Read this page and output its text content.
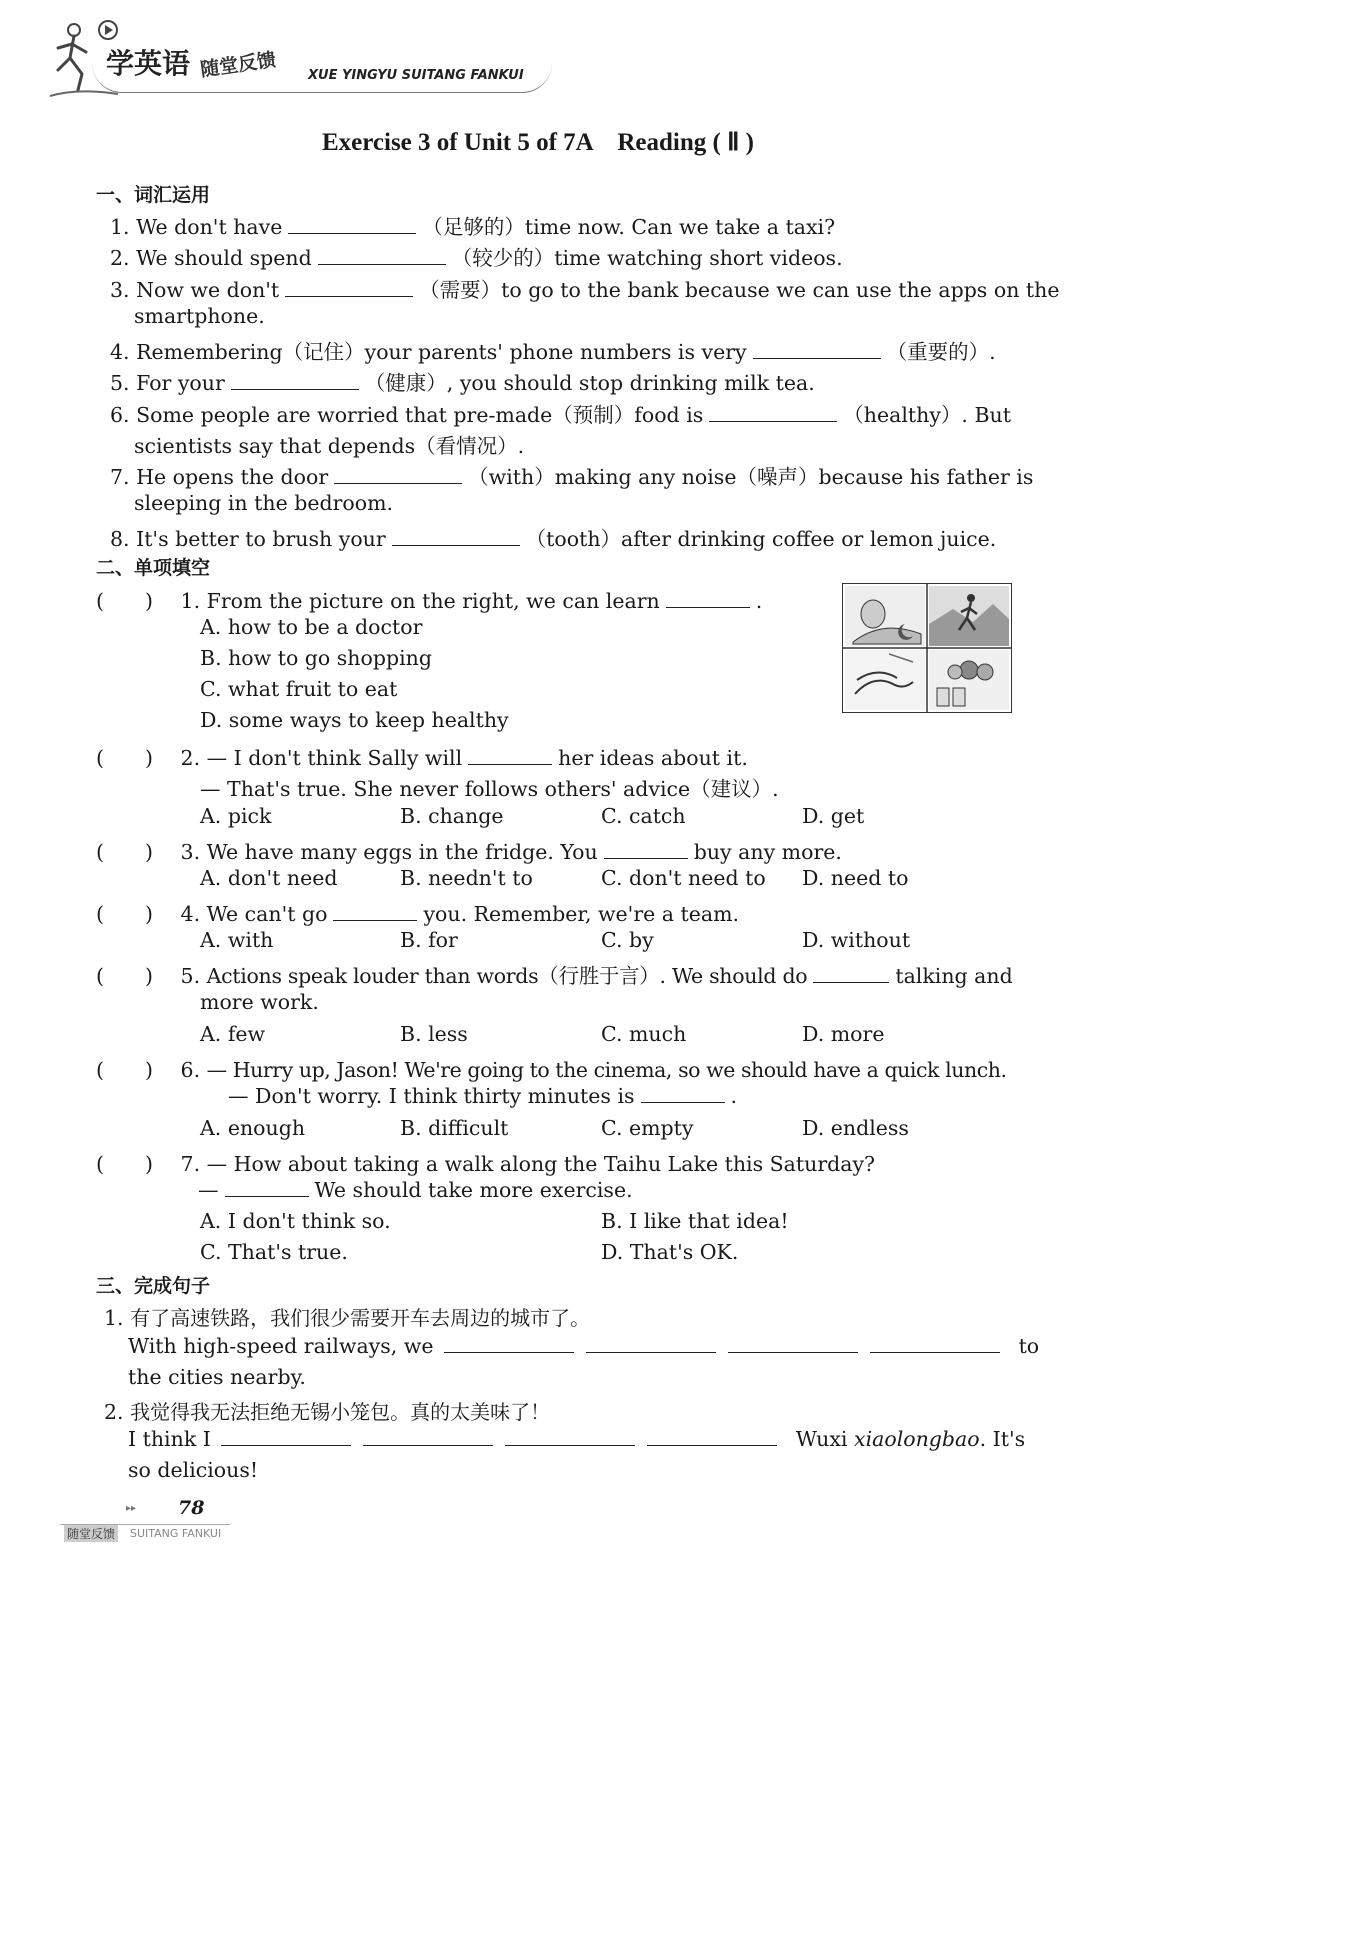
学英语 随堂反馈 XUE YINGYU SUITANG FANKUI
Exercise 3 of Unit 5 of 7A    Reading ( Ⅱ )
一、词汇运用
1. We don't have	（足够的）time now. Can we take a taxi?
2. We should spend	（较少的）time watching short videos.
3. Now we don't	（需要）to go to the bank because we can use the apps on the
smartphone.
4. Remembering（记住）your parents' phone numbers is very	（重要的）.
5. For your	（健康）, you should stop drinking milk tea.
6. Some people are worried that pre-made（预制）food is	（healthy）. But
scientists say that depends（看情况）.
7. He opens the door	（with）making any noise（噪声）because his father is
sleeping in the bedroom.
8. It's better to brush your	（tooth）after drinking coffee or lemon juice.
二、单项填空
(　　) 1. From the picture on the right, we can learn	.
A. how to be a doctor
B. how to go shopping
C. what fruit to eat
D. some ways to keep healthy
(　　) 2. — I don't think Sally will	her ideas about it.
— That's true. She never follows others' advice（建议）.
A. pick	B. change	C. catch	D. get
(　　) 3. We have many eggs in the fridge. You	buy any more.
A. don't need	B. needn't to	C. don't need to D. need to
(　　) 4. We can't go	you. Remember, we're a team.
A. with	B. for	C. by	D. without
(　　) 5. Actions speak louder than words（行胜于言）. We should do	talking and
more work.
A. few	B. less	C. much	D. more
(　　) 6. — Hurry up, Jason! We're going to the cinema, so we should have a quick lunch.
— Don't worry. I think thirty minutes is	.
A. enough	B. difficult	C. empty	D. endless
(　　) 7. — How about taking a walk along the Taihu Lake this Saturday?
—	We should take more exercise.
A. I don't think so.	B. I like that idea!
C. That's true.	D. That's OK.
三、完成句子
1. 有了高速铁路，我们很少需要开车去周边的城市了。
With high-speed railways, we	to
the cities nearby.
2. 我觉得我无法拒绝无锡小笼包。真的太美味了！
I think I	Wuxi xiaolongbao. It's
so delicious!
▸▸ 78
随堂反馈 SUITANG FANKUI
